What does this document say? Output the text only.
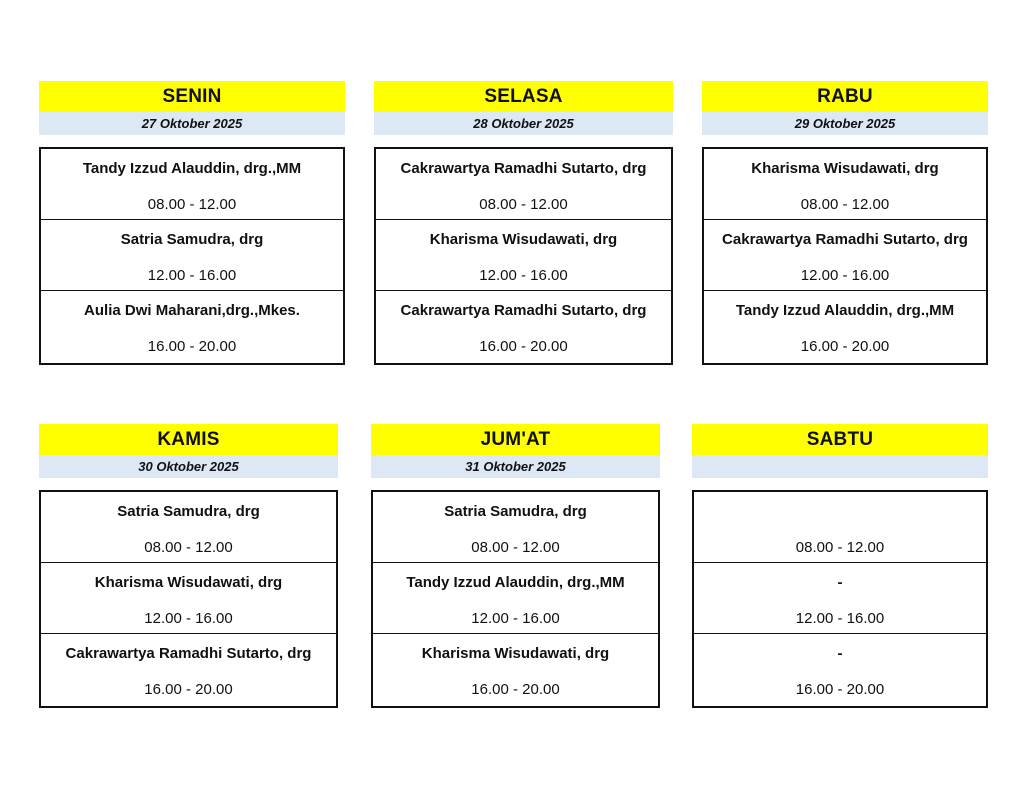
SENIN
27 Oktober 2025
Tandy Izzud Alauddin, drg.,MM
08.00 - 12.00
Satria Samudra, drg
12.00 - 16.00
Aulia Dwi Maharani,drg.,Mkes.
16.00 - 20.00
SELASA
28 Oktober 2025
Cakrawartya Ramadhi Sutarto, drg
08.00 - 12.00
Kharisma Wisudawati, drg
12.00 - 16.00
Cakrawartya Ramadhi Sutarto, drg
16.00 - 20.00
RABU
29 Oktober 2025
Kharisma Wisudawati, drg
08.00 - 12.00
Cakrawartya Ramadhi Sutarto, drg
12.00 - 16.00
Tandy Izzud Alauddin, drg.,MM
16.00 - 20.00
KAMIS
30 Oktober 2025
Satria Samudra, drg
08.00 - 12.00
Kharisma Wisudawati, drg
12.00 - 16.00
Cakrawartya Ramadhi Sutarto, drg
16.00 - 20.00
JUM'AT
31 Oktober 2025
Satria Samudra, drg
08.00 - 12.00
Tandy Izzud Alauddin, drg.,MM
12.00 - 16.00
Kharisma Wisudawati, drg
16.00 - 20.00
SABTU
08.00 - 12.00
-
12.00 - 16.00
-
16.00 - 20.00
